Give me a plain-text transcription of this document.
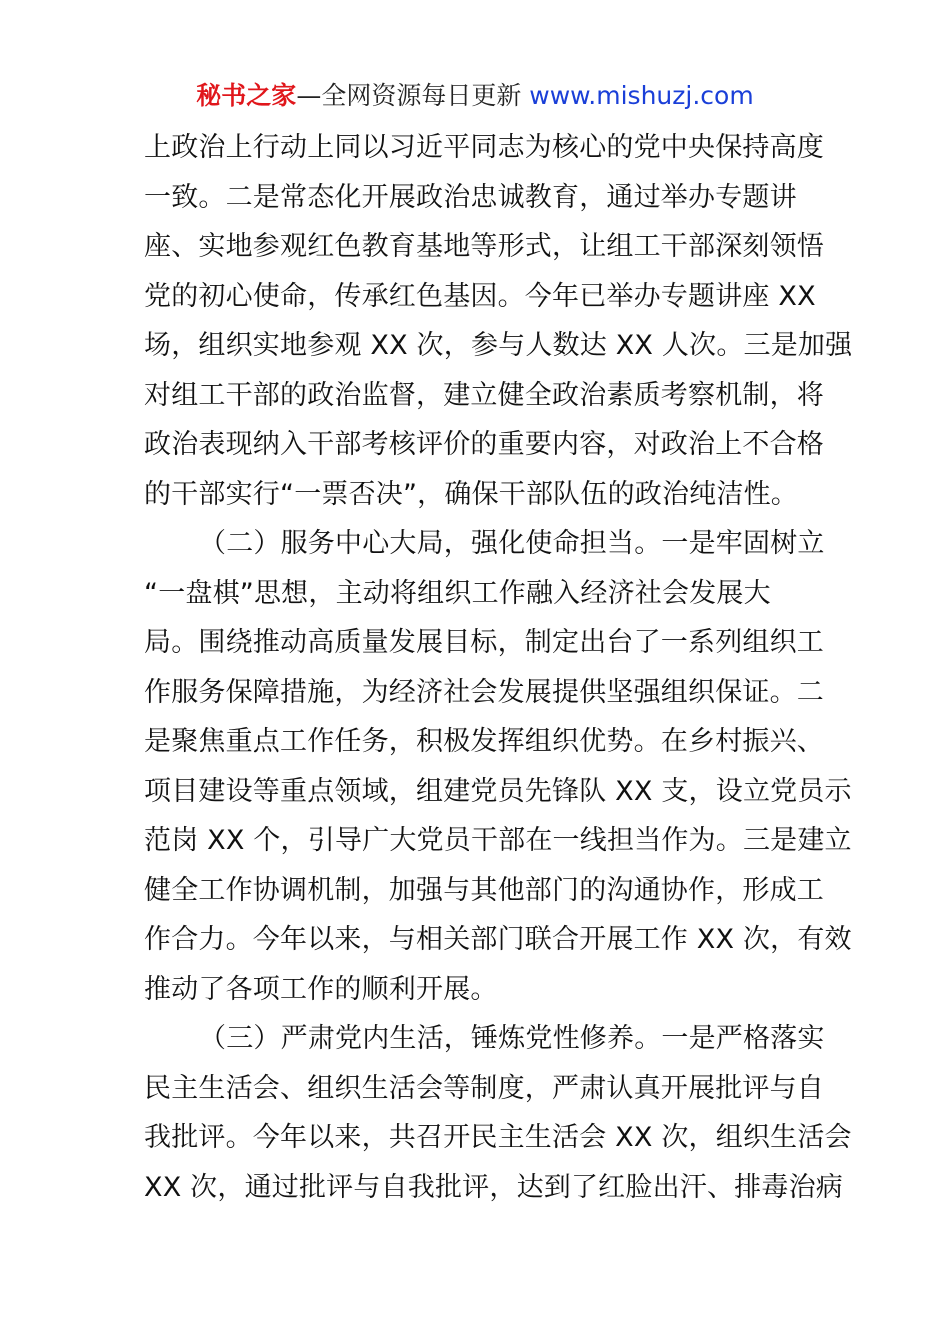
秘书之家—全网资源每日更新 www.mishuzj.com
上政治上行动上同以习近平同志为核心的党中央保持高度
一致。二是常态化开展政治忠诚教育，通过举办专题讲
座、实地参观红色教育基地等形式，让组工干部深刻领悟
党的初心使命，传承红色基因。今年已举办专题讲座 XX
场，组织实地参观 XX 次，参与人数达 XX 人次。三是加强
对组工干部的政治监督，建立健全政治素质考察机制，将
政治表现纳入干部考核评价的重要内容，对政治上不合格
的干部实行“一票否决”，确保干部队伍的政治纯洁性。
（二）服务中心大局，强化使命担当。一是牢固树立
“一盘棋”思想，主动将组织工作融入经济社会发展大
局。围绕推动高质量发展目标，制定出台了一系列组织工
作服务保障措施，为经济社会发展提供坚强组织保证。二
是聚焦重点工作任务，积极发挥组织优势。在乡村振兴、
项目建设等重点领域，组建党员先锋队 XX 支，设立党员示
范岗 XX 个，引导广大党员干部在一线担当作为。三是建立
健全工作协调机制，加强与其他部门的沟通协作，形成工
作合力。今年以来，与相关部门联合开展工作 XX 次，有效
推动了各项工作的顺利开展。
（三）严肃党内生活，锤炼党性修养。一是严格落实
民主生活会、组织生活会等制度，严肃认真开展批评与自
我批评。今年以来，共召开民主生活会 XX 次，组织生活会
XX 次，通过批评与自我批评，达到了红脸出汗、排毒治病
